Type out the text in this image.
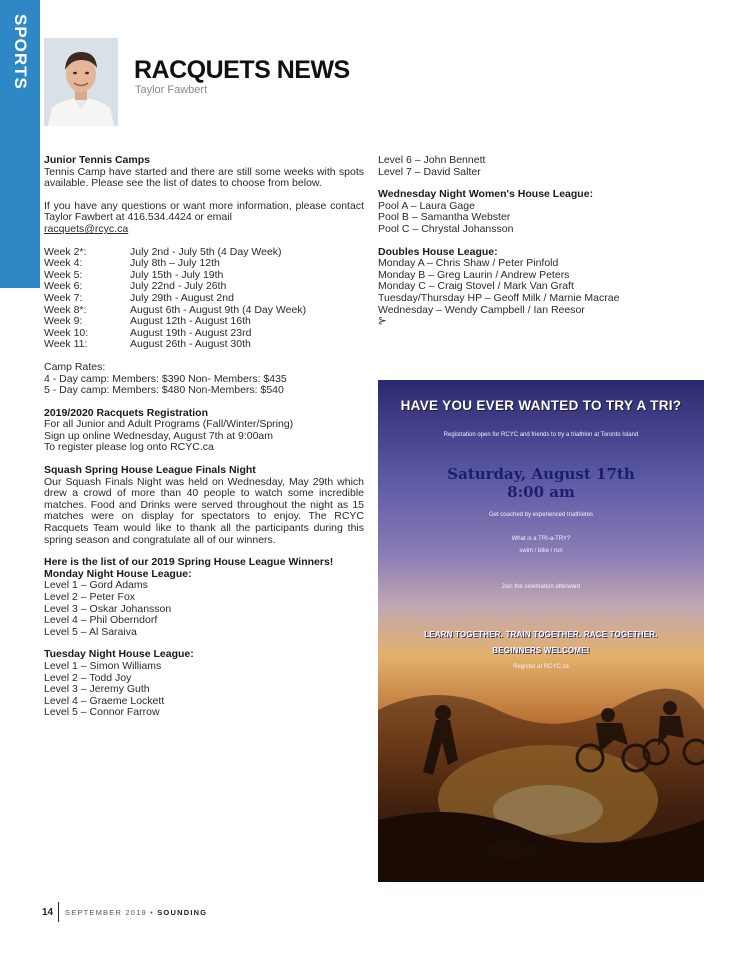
SPORTS	RACQUETS NEWS
Taylor Fawbert

Junior Tennis Camps

Tennis Camp have started and there are still some weeks with spots available. Please see the list of dates to choose from below.

If you have any questions or want more information, please contact Taylor Fawbert at 416.534.4424 or email

racquets@rcyc.ca

Week 2*:	July 2nd - July 5th (4 Day Week)
Week 4:	July 8th – July 12th
Week 5:	July 15th - July 19th
Week 6:	July 22nd - July 26th
Week 7:	July 29th - August 2nd
Week 8*:	August 6th - August 9th (4 Day Week)
Week 9:	August 12th - August 16th
Week 10:	August 19th - August 23rd
Week 11:	August 26th - August 30th

Camp Rates:

4 - Day camp: Members: $390 Non- Members: $435

5 - Day camp: Members: $480 Non-Members: $540

2019/2020 Racquets Registration

For all Junior and Adult Programs (Fall/Winter/Spring)

Sign up online Wednesday, August 7th at 9:00am

To register please log onto RCYC.ca

Squash Spring House League Finals Night

Our Squash Finals Night was held on Wednesday, May 29th which drew a crowd of more than 40 people to watch some incredible matches. Food and Drinks were served throughout the night as 15 matches were on display for spectators to enjoy. The RCYC Racquets Team would like to thank all the participants during this spring season and congratulate all of our winners.

Here is the list of our 2019 Spring House League Winners!

Monday Night House League:

Level 1 – Gord Adams

Level 2 – Peter Fox

Level 3 – Oskar Johansson

Level 4 – Phil Oberndorf

Level 5 – Al Saraiva

Tuesday Night House League:

Level 1 – Simon Williams

Level 2 – Todd Joy

Level 3 – Jeremy Guth

Level 4 – Graeme Lockett

Level 5 – Connor Farrow

Level 6 – John Bennett

Level 7 – David Salter

Wednesday Night Women's House League:

Pool A – Laura Gage

Pool B – Samantha Webster

Pool C – Chrystal Johansson

Doubles House League:

Monday A – Chris Shaw / Peter Pinfold

Monday B – Greg Laurin / Andrew Peters

Monday C – Craig Stovel / Mark Van Graft

Tuesday/Thursday HP – Geoff Milk / Marnie Macrae

Wednesday – Wendy Campbell / Ian Reesor

⊱

HAVE YOU EVER WANTED TO TRY A TRI?
Registration open for RCYC and friends to try a triathlon at Toronto Island
Saturday, August 17th
8:00 am
Get coached by experienced triathletes
What is a TRI-a-TRY?
swim / bike / run
Join the celebration afterward
LEARN TOGETHER. TRAIN TOGETHER. RACE TOGETHER.
BEGINNERS WELCOME!
Register at RCYC.ca
14 SEPTEMBER 2019 • SOUNDING
